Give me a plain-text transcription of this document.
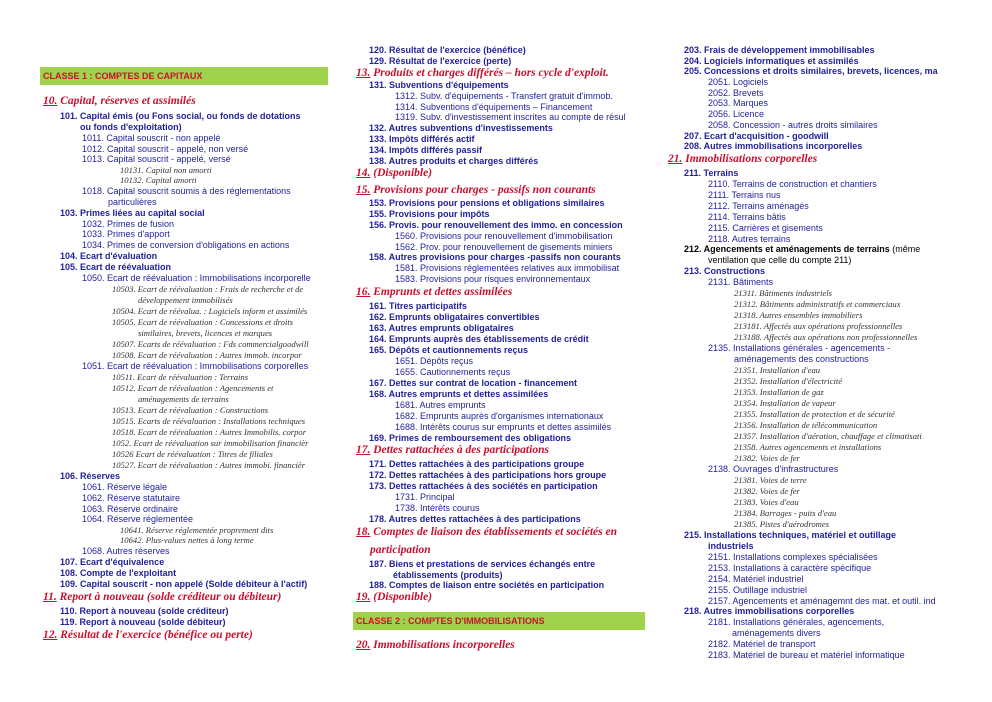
CLASSE 1 : COMPTES DE CAPITAUX
10. Capital, réserves et assimilés
101. Capital émis (ou Fons social, ou fonds de dotations
ou fonds d'exploitation)
1011. Capital souscrit - non appelé
1012. Capital souscrit - appelé, non versé
1013. Capital souscrit - appelé, versé
10131. Capital non amorti
10132. Capital amorti
1018. Capital souscrit soumis à des réglementations
particulières
103. Primes liées au capital social
1032. Primes de fusion
1033. Primes d'apport
1034. Primes de conversion d'obligations en actions
104. Ecart d'évaluation
105. Ecart de réévaluation
1050. Ecart de réévaluation : Immobilisations incorporelle
10503. Ecart de réévaluation : Frais de recherche et de
développement immobilisés
10504. Ecart de réévalua. : Logiciels inform et assimilés
10505. Ecart de réévaluation : Concessions et droits
similaires, brevets, licences et marques
10507. Ecarts de réévaluation : Fds commercialgoodwill
10508. Ecart de réévaluation : Autres immob. incorpor
1051. Ecart de réévaluation : Immobilisations corporelles
10511. Ecart de réévaluation : Terrains
10512. Ecart de réévaluation : Agencements et
aménagements de terrains
10513. Ecart de réévaluation : Constructions
10515. Ecarts de réévaluation : Installations techniques
10518. Ecart de réévaluation : Autres Immobilis. corpor
1052. Ecart de réévaluation sur immobilisation financièr
10526 Ecart de réévaluation : Titres de filiales
10527. Ecart de réévaluation : Autres immobi. financièr
106. Réserves
1061. Réserve légale
1062. Réserve statutaire
1063. Réserve ordinaire
1064. Réserve réglementée
10641. Réserve réglementée proprement dits
10642. Plus-values nettes à long terme
1068. Autres réserves
107. Ecart d'équivalence
108. Compte de l'exploitant
109. Capital souscrit - non appelé (Solde débiteur à l'actif)
11. Report à nouveau (solde créditeur ou débiteur)
110. Report à nouveau (solde créditeur)
119. Report à nouveau (solde débiteur)
12. Résultat de l'exercice (bénéfice ou perte)
120. Résultat de l'exercice (bénéfice)
129. Résultat de l'exercice (perte)
13. Produits et charges différés – hors cycle d'exploit.
131. Subventions d'équipements
1312. Subv. d'équipements - Transfert gratuit d'immob.
1314. Subventions d'équipements – Financement
1319. Subv. d'investissement inscrites au compte de résul
132. Autres subventions d'investissements
133. Impôts différés actif
134. Impôts différés passif
138. Autres produits et charges différés
14. (Disponible)
15. Provisions pour charges - passifs non courants
153. Provisions pour pensions et obligations similaires
155. Provisions pour impôts
156. Provis. pour renouvellement des immo. en concession
1560. Provisions pour renouvellement d'immobilisation
1562. Prov. pour renouvellement de gisements miniers
158. Autres provisions pour charges -passifs non courants
1581. Provisions réglementées relatives aux immobilisat
1583. Provisions pour risques environnementaux
16. Emprunts et dettes assimilées
161. Titres participatifs
162. Emprunts obligataires convertibles
163. Autres emprunts obligataires
164. Emprunts auprès des établissements de crédit
165. Dépôts et cautionnements reçus
1651. Dépôts reçus
1655. Cautionnements reçus
167. Dettes sur contrat de location - financement
168. Autres emprunts et dettes assimilées
1681. Autres emprunts
1682. Emprunts auprès d'organismes internationaux
1688. Intérêts courus sur emprunts et dettes assimilés
169. Primes de remboursement des obligations
17. Dettes rattachées à des participations
171. Dettes rattachées à des participations groupe
172. Dettes rattachées à des participations hors groupe
173. Dettes rattachées à des sociétés en participation
1731. Principal
1738. Intérêts courus
178. Autres dettes rattachées à des participations
18. Comptes de liaison des établissements et sociétés en
participation
187. Biens et prestations de services échangés entre
établissements (produits)
188. Comptes de liaison entre sociétés en participation
19. (Disponible)
CLASSE 2 : COMPTES D'IMMOBILISATIONS
20. Immobilisations incorporelles
203. Frais de développement immobilisables
204. Logiciels informatiques et assimilés
205. Concessions et droits similaires, brevets, licences, ma
2051. Logiciels
2052. Brevets
2053. Marques
2056. Licence
2058. Concession - autres droits similaires
207. Ecart d'acquisition - goodwill
208. Autres immobilisations incorporelles
21. Immobilisations corporelles
211. Terrains
2110. Terrains de construction et chantiers
2111. Terrains nus
2112. Terrains aménagés
2114. Terrains bâtis
2115. Carrières et gisements
2118. Autres terrains
212. Agencements et aménagements de terrains (même
ventilation que celle du compte 211)
213. Constructions
2131. Bâtiments
21311. Bâtiments industriels
21312. Bâtiments administratifs et commerciaux
21318. Autres ensembles immobiliers
213181. Affectés aux opérations professionnelles
213188. Affectés aux opérations non professionnelles
2135. Installations générales - agencements -
aménagements des constructions
21351. Installation d'eau
21352. Installation d'électricité
21353. Installation de gaz
21354. Installation de vapeur
21355. Installation de protection et de sécurité
21356. Installation de télécommunication
21357. Installation d'aération, chauffage et climatisati
21358. Autres agencements et installations
21382. Voies de fer
2138. Ouvrages d'infrastructures
21381. Voies de terre
21382. Voies de fer
21383. Voies d'eau
21384. Barrages - puits d'eau
21385. Pistes d'aérodromes
215. Installations techniques, matériel et outillage
industriels
2151. Installations complexes spécialisées
2153. Installations à caractère spécifique
2154. Matériel industriel
2155. Outillage industriel
2157. Agencements et aménagemnt des mat. et outil. ind
218. Autres immobilisations corporelles
2181. Installations générales, agencements,
aménagements divers
2182. Matériel de transport
2183. Matériel de bureau et matériel informatique
